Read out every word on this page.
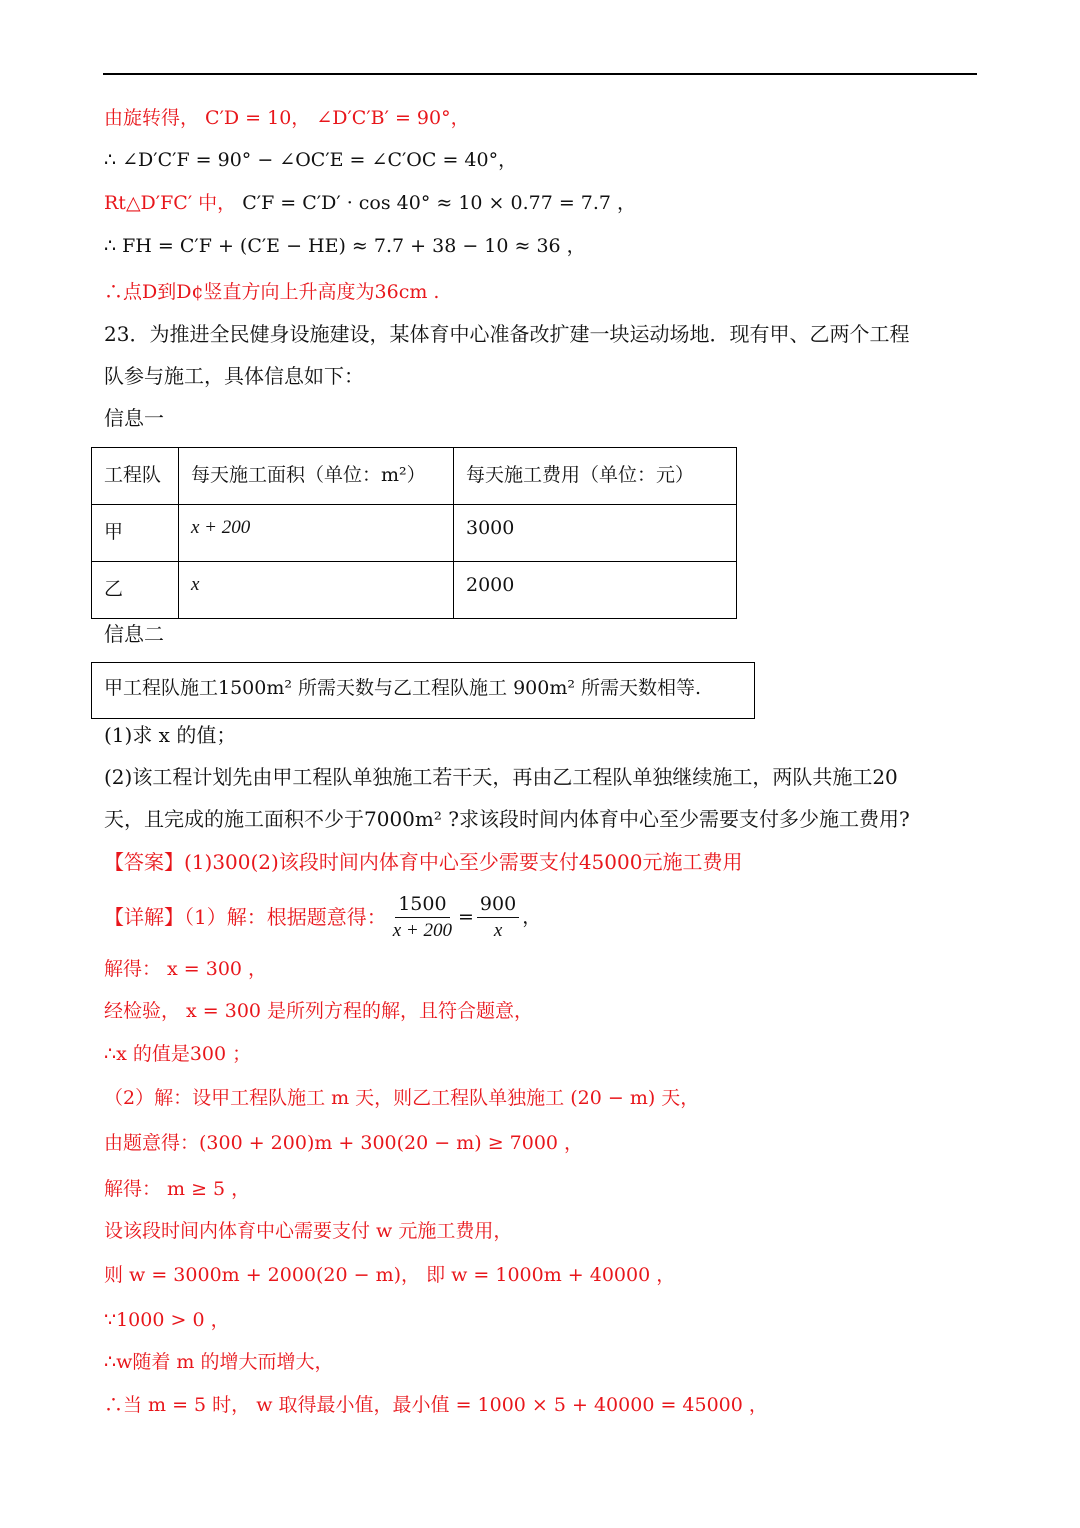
由旋转得， C′D = 10， ∠D′C′B′ = 90°，
∴ ∠D′C′F = 90° − ∠OC′E = ∠C′OC = 40°，
Rt△D′FC′ 中， C′F = C′D′ · cos 40° ≈ 10 × 0.77 = 7.7 ，
∴ FH = C′F + (C′E − HE) ≈ 7.7 + 38 − 10 ≈ 36 ，
∴点D到D¢竖直方向上升高度为36cm .
23．为推进全民健身设施建设，某体育中心准备改扩建一块运动场地．现有甲、乙两个工程
队参与施工，具体信息如下：
信息一
工程队	每天施工面积（单位：m²）	每天施工费用（单位：元）

甲	x + 200	3000

乙	x	2000
信息二
甲工程队施工1500m² 所需天数与乙工程队施工 900m² 所需天数相等.
(1)求 x 的值；
(2)该工程计划先由甲工程队单独施工若干天，再由乙工程队单独继续施工，两队共施工20
天，且完成的施工面积不少于7000m² ?求该段时间内体育中心至少需要支付多少施工费用?
【答案】(1)300(2)该段时间内体育中心至少需要支付45000元施工费用
【详解】（1）解：根据题意得： $\frac{1500}{x + 200} = \frac{900}{x}$ ，
解得： x = 300 ，
经检验， x = 300 是所列方程的解，且符合题意，
∴x 的值是300 ；
（2）解：设甲工程队施工 m 天，则乙工程队单独施工 (20 − m) 天，
由题意得：(300 + 200)m + 300(20 − m) ≥ 7000 ，
解得： m ≥ 5 ，
设该段时间内体育中心需要支付 w 元施工费用，
则 w = 3000m + 2000(20 − m)， 即 w = 1000m + 40000 ，
∵1000 > 0 ，
∴w随着 m 的增大而增大，
∴当 m = 5 时， w 取得最小值，最小值 = 1000 × 5 + 40000 = 45000 ，
